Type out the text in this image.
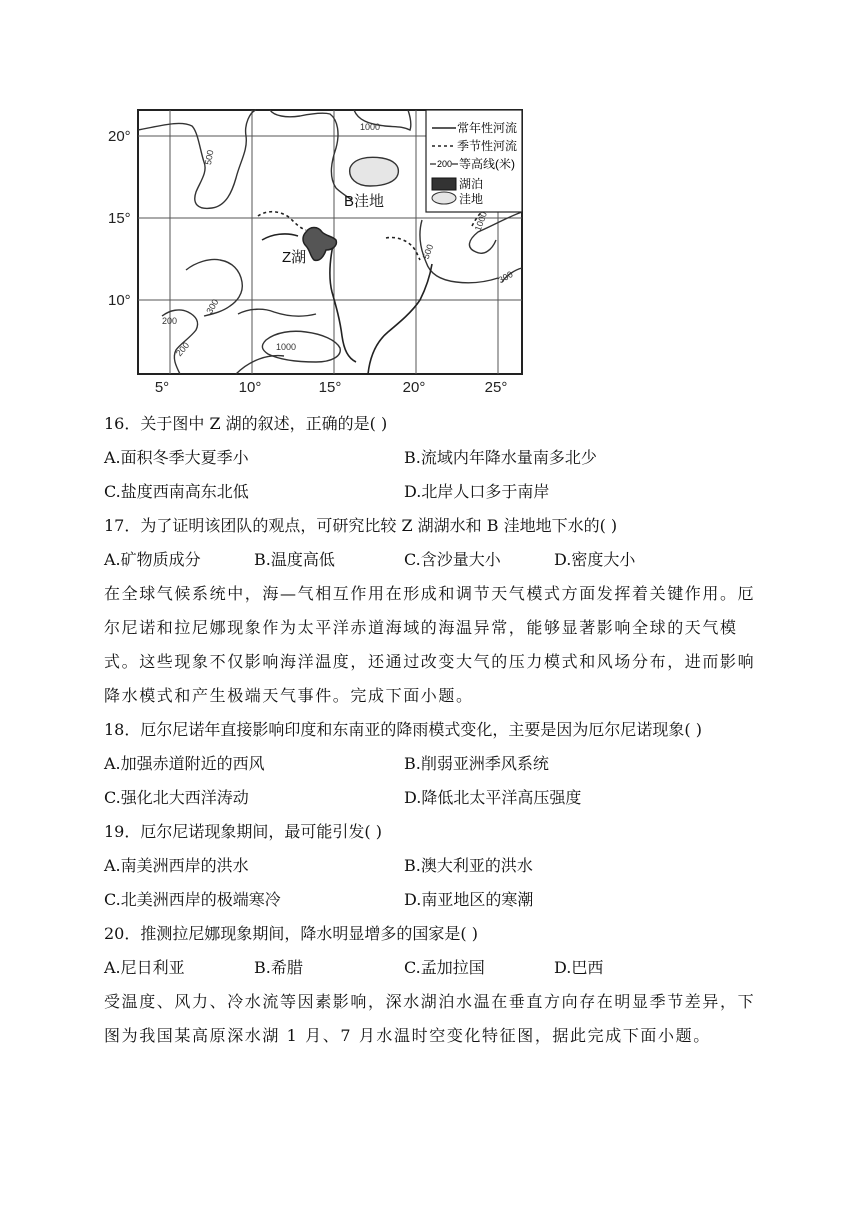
常年性河流
季节性河流
200 等高线(米)
湖泊
洼地
20°
15°
10°
5°	10°	15°	20°	25°
1000
500
1000
500
300
300
200
200	1000
Z湖
B洼地
16．关于图中 Z 湖的叙述，正确的是( )
A.面积冬季大夏季小	B.流域内年降水量南多北少
C.盐度西南高东北低	D.北岸人口多于南岸
17．为了证明该团队的观点，可研究比较 Z 湖湖水和 B 洼地地下水的( )
A.矿物质成分	B.温度高低	C.含沙量大小	D.密度大小
在全球气候系统中，海—气相互作用在形成和调节天气模式方面发挥着关键作用。厄
尔尼诺和拉尼娜现象作为太平洋赤道海域的海温异常，能够显著影响全球的天气模
式。这些现象不仅影响海洋温度，还通过改变大气的压力模式和风场分布，进而影响
降水模式和产生极端天气事件。完成下面小题。
18．厄尔尼诺年直接影响印度和东南亚的降雨模式变化，主要是因为厄尔尼诺现象( )
A.加强赤道附近的西风	B.削弱亚洲季风系统
C.强化北大西洋涛动	D.降低北太平洋高压强度
19．厄尔尼诺现象期间，最可能引发( )
A.南美洲西岸的洪水	B.澳大利亚的洪水
C.北美洲西岸的极端寒冷	D.南亚地区的寒潮
20．推测拉尼娜现象期间，降水明显增多的国家是( )
A.尼日利亚	B.希腊	C.孟加拉国	D.巴西
受温度、风力、冷水流等因素影响，深水湖泊水温在垂直方向存在明显季节差异，下
图为我国某高原深水湖 1 月、7 月水温时空变化特征图，据此完成下面小题。
